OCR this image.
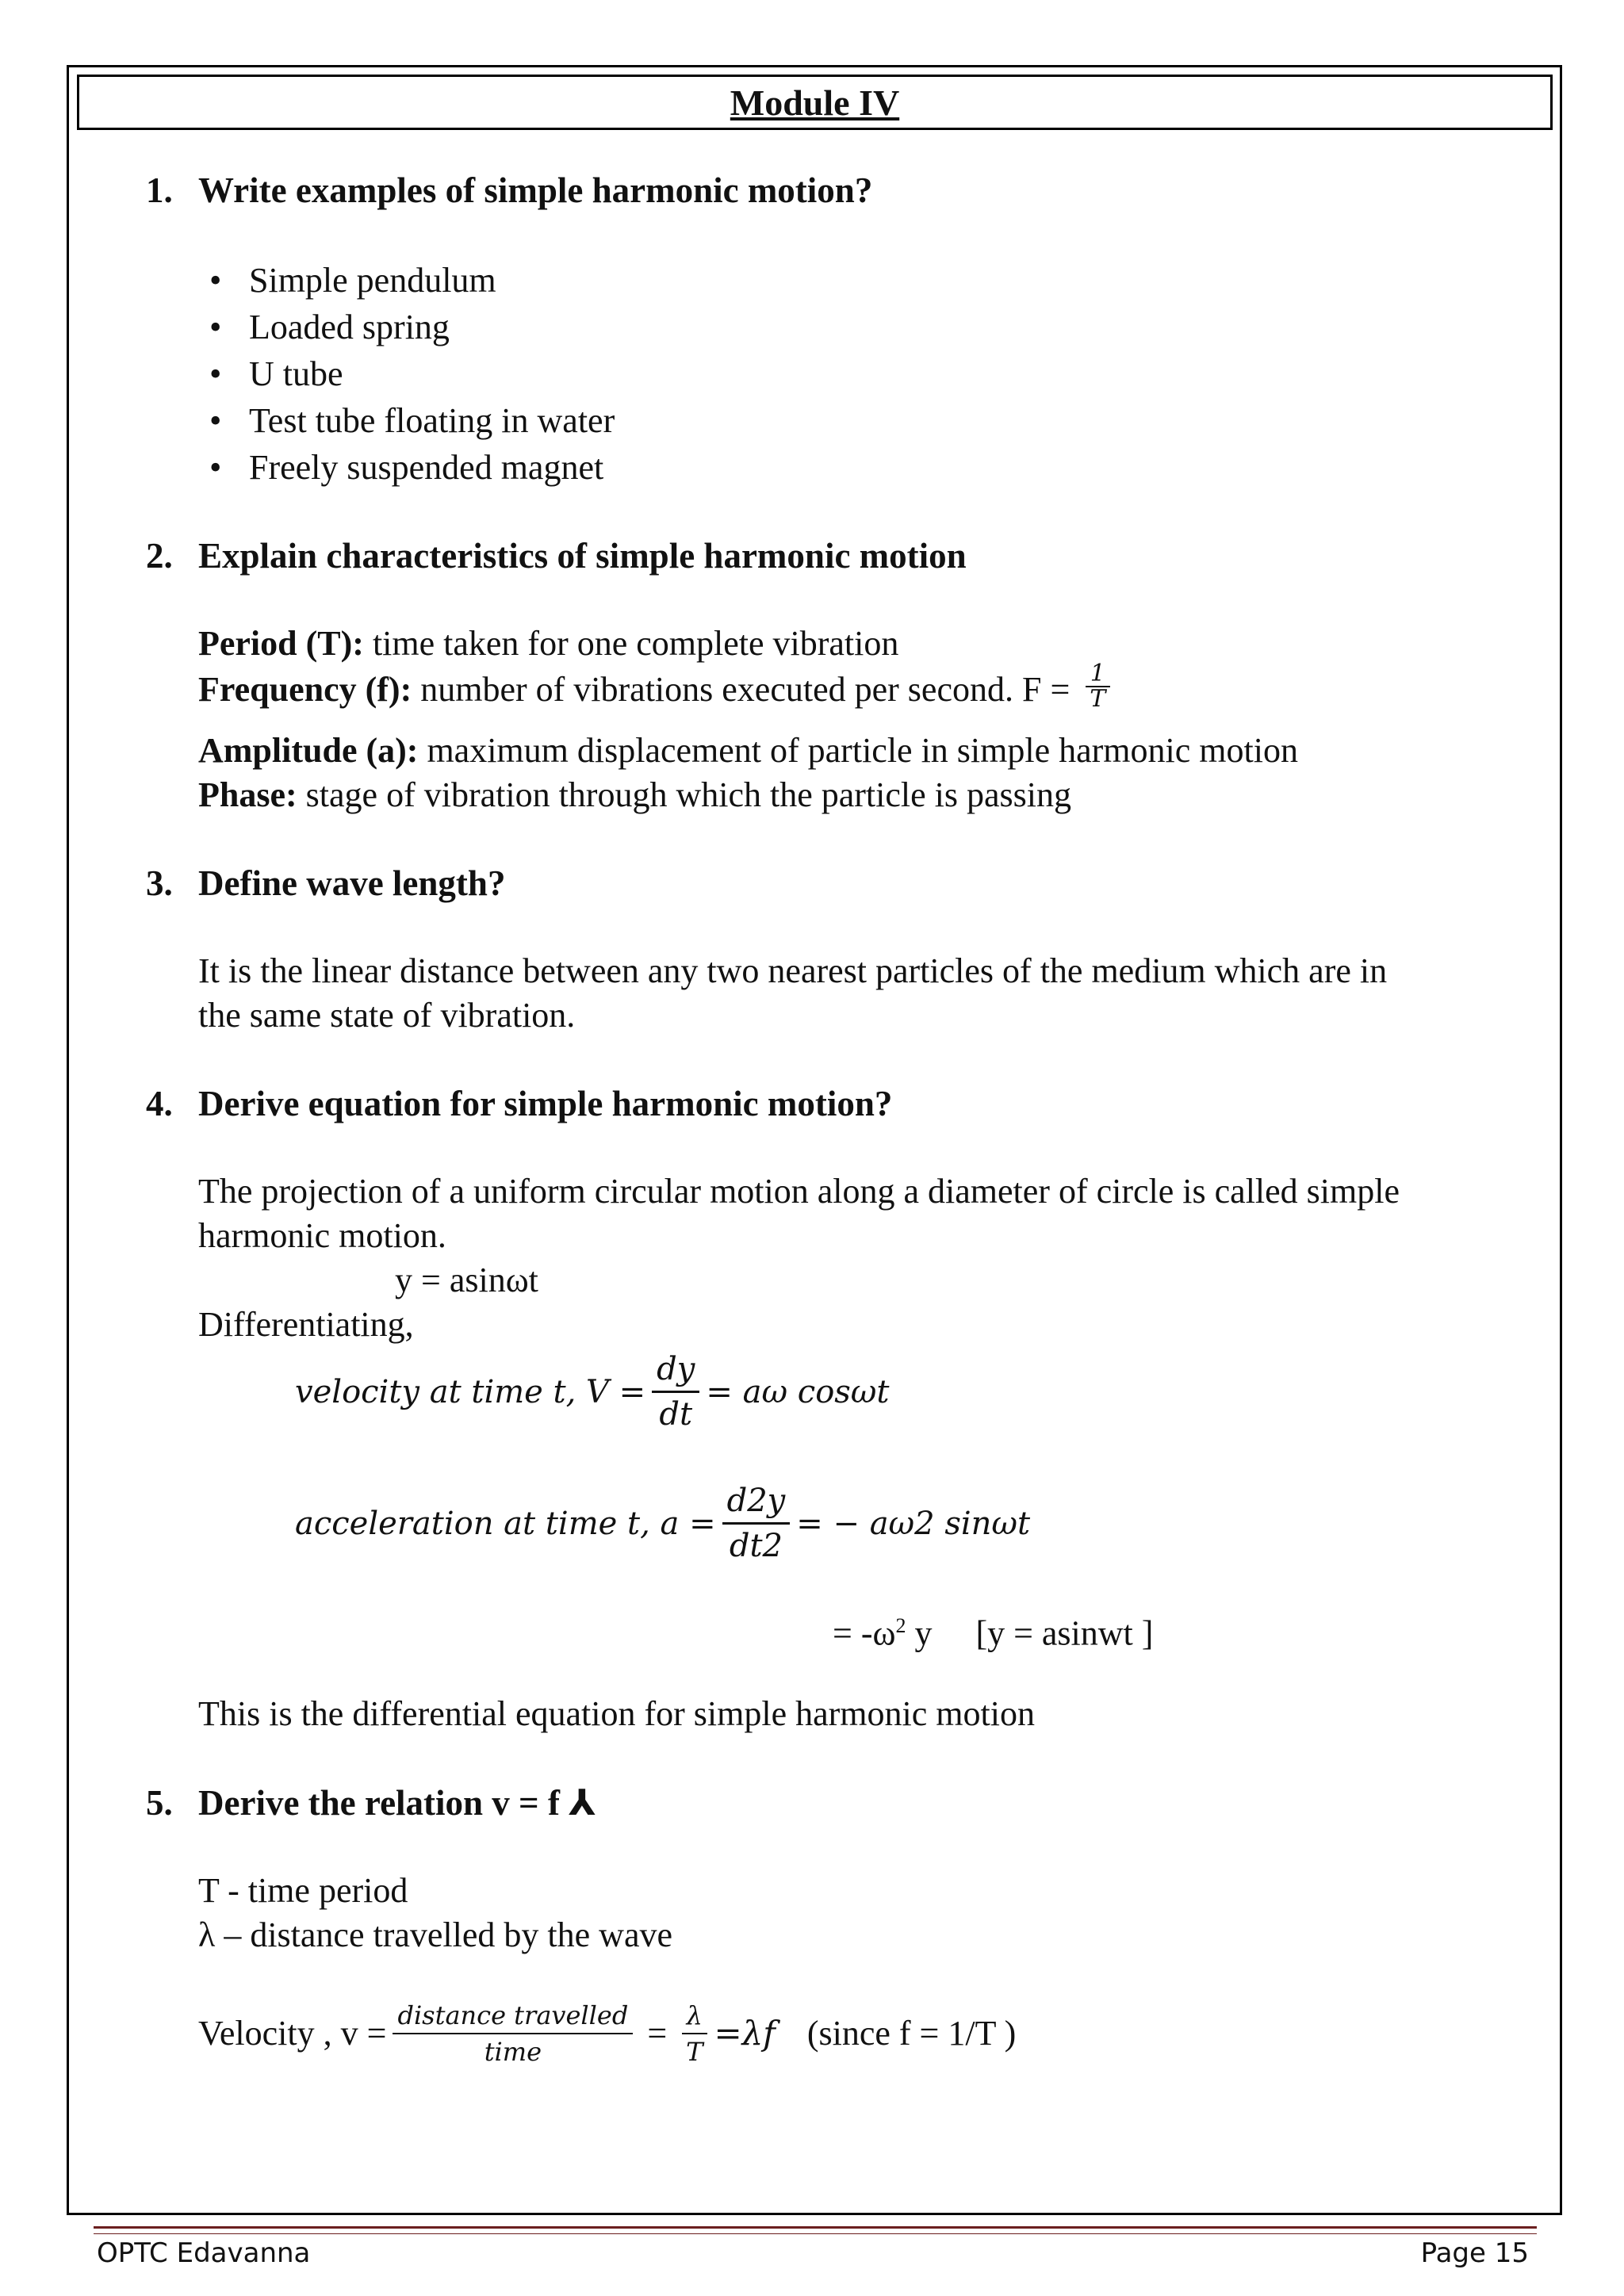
Module IV
1. Write examples of simple harmonic motion?
• Simple pendulum
• Loaded spring
• U tube
• Test tube floating in water
• Freely suspended magnet
2. Explain characteristics of simple harmonic motion
Period (T): time taken for one complete vibration
Frequency (f): number of vibrations executed per second. $F = \frac{1}{T}$
Amplitude (a): maximum displacement of particle in simple harmonic motion
Phase: stage of vibration through which the particle is passing
3. Define wave length?
It is the linear distance between any two nearest particles of the medium which are in
the same state of vibration.
4. Derive equation for simple harmonic motion?
The projection of a uniform circular motion along a diameter of circle is called simple
harmonic motion.
y = asinωt
Differentiating,
velocity at time t, $V = \frac{dy}{dt} = a\omega$ cosωt
acceleration at time t, $a = \frac{d2y}{dt2}$ = − aω2 sinωt
= $-\omega^2$ y     [y = asinwt ]
This is the differential equation for simple harmonic motion
5. Derive the relation v = f ⅄
T - time period
λ – distance travelled by the wave
Velocity , $v = \frac{\text{distance travelled}}{\text{time}} = \frac{\lambda}{T} =\lambda f$ (since f = 1/T )
OPTC Edavanna	Page 15
